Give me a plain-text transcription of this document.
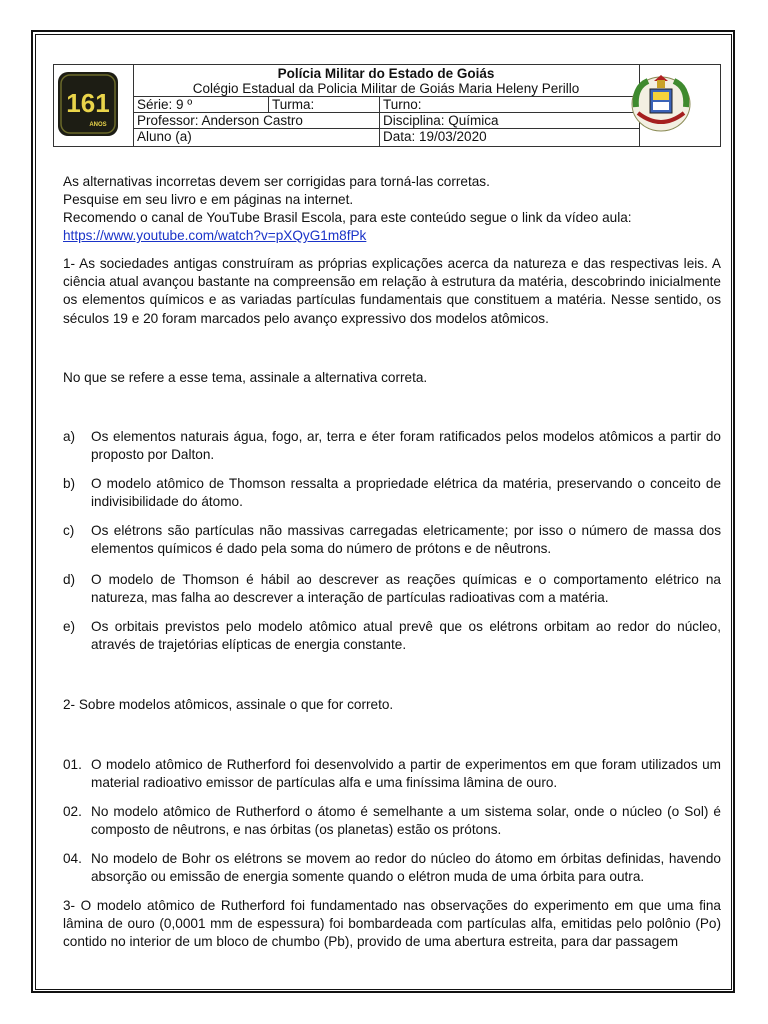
Polícia Militar do Estado de Goiás
Colégio Estadual da Policia Militar de Goiás Maria Heleny Perillo
Série: 9 º	Turma:	Turno:
Professor: Anderson Castro	Disciplina: Química
Aluno (a)	Data: 19/03/2020
161
ANOS
As alternativas incorretas devem ser corrigidas para torná-las corretas.
Pesquise em seu livro e em páginas na internet.
Recomendo o canal de YouTube Brasil Escola, para este conteúdo segue o link da vídeo aula:
https://www.youtube.com/watch?v=pXQyG1m8fPk
1- As sociedades antigas construíram as próprias explicações acerca da natureza e das respectivas leis. A ciência atual avançou bastante na compreensão em relação à estrutura da matéria, descobrindo inicialmente os elementos químicos e as variadas partículas fundamentais que constituem a matéria. Nesse sentido, os séculos 19 e 20 foram marcados pelo avanço expressivo dos modelos atômicos.
No que se refere a esse tema, assinale a alternativa correta.
a) Os elementos naturais água, fogo, ar, terra e éter foram ratificados pelos modelos atômicos a partir do proposto por Dalton.
b) O modelo atômico de Thomson ressalta a propriedade elétrica da matéria, preservando o conceito de indivisibilidade do átomo.
c) Os elétrons são partículas não massivas carregadas eletricamente; por isso o número de massa dos elementos químicos é dado pela soma do número de prótons e de nêutrons.
d) O modelo de Thomson é hábil ao descrever as reações químicas e o comportamento elétrico na natureza, mas falha ao descrever a interação de partículas radioativas com a matéria.
e) Os orbitais previstos pelo modelo atômico atual prevê que os elétrons orbitam ao redor do núcleo, através de trajetórias elípticas de energia constante.
2- Sobre modelos atômicos, assinale o que for correto.
01. O modelo atômico de Rutherford foi desenvolvido a partir de experimentos em que foram utilizados um material radioativo emissor de partículas alfa e uma finíssima lâmina de ouro.
02. No modelo atômico de Rutherford o átomo é semelhante a um sistema solar, onde o núcleo (o Sol) é composto de nêutrons, e nas órbitas (os planetas) estão os prótons.
04. No modelo de Bohr os elétrons se movem ao redor do núcleo do átomo em órbitas definidas, havendo absorção ou emissão de energia somente quando o elétron muda de uma órbita para outra.
3- O modelo atômico de Rutherford foi fundamentado nas observações do experimento em que uma fina lâmina de ouro (0,0001 mm de espessura) foi bombardeada com partículas alfa, emitidas pelo polônio (Po) contido no interior de um bloco de chumbo (Pb), provido de uma abertura estreita, para dar passagem
